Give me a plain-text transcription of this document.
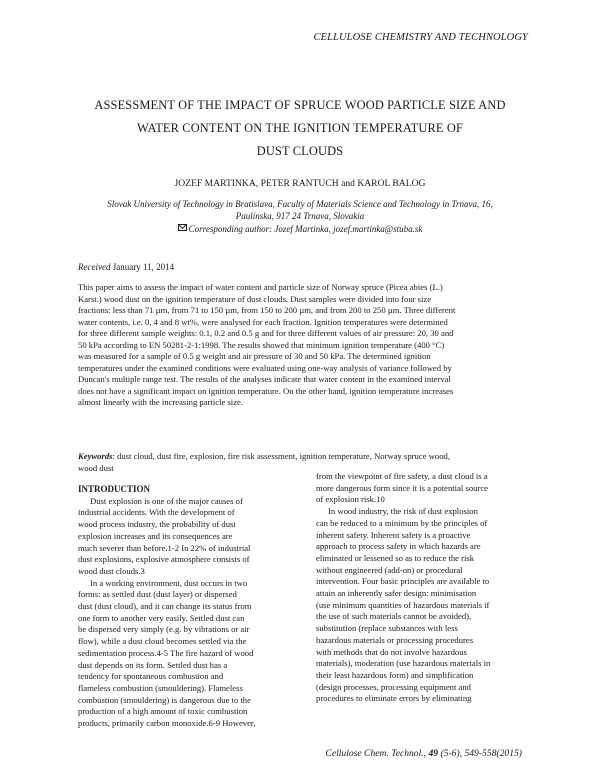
CELLULOSE CHEMISTRY AND TECHNOLOGY
ASSESSMENT OF THE IMPACT OF SPRUCE WOOD PARTICLE SIZE AND
WATER CONTENT ON THE IGNITION TEMPERATURE OF
DUST CLOUDS
JOZEF MARTINKA, PETER RANTUCH and KAROL BALOG
Slovak University of Technology in Bratislava, Faculty of Materials Science and Technology in Trnava, 16,
Paulínska, 917 24 Trnava, Slovakia
Corresponding author: Jozef Martinka, jozef.martinka@stuba.sk
Received January 11, 2014
This paper aims to assess the impact of water content and particle size of Norway spruce (Picea abies (L.)
Karst.) wood dust on the ignition temperature of dust clouds. Dust samples were divided into four size
fractions: less than 71 µm, from 71 to 150 µm, from 150 to 200 µm, and from 200 to 250 µm. Three different
water contents, i.e. 0, 4 and 8 wt%, were analysed for each fraction. Ignition temperatures were determined
for three different sample weights: 0.1, 0.2 and 0.5 g and for three different values of air pressure: 20, 30 and
50 kPa according to EN 50281-2-1:1998. The results showed that minimum ignition temperature (400 °C)
was measured for a sample of 0.5 g weight and air pressure of 30 and 50 kPa. The determined ignition
temperatures under the examined conditions were evaluated using one-way analysis of variance followed by
Duncan's multiple range test. The results of the analyses indicate that water content in the examined interval
does not have a significant impact on ignition temperature. On the other hand, ignition temperature increases
almost linearly with the increasing particle size.
Keywords: dust cloud, dust fire, explosion, fire risk assessment, ignition temperature, Norway spruce wood,
wood dust
INTRODUCTION
Dust explosion is one of the major causes of
industrial accidents. With the development of
wood process industry, the probability of dust
explosion increases and its consequences are
much severer than before.1-2 In 22% of industrial
dust explosions, explosive atmosphere consists of
wood dust clouds.3
In a working environment, dust occurs in two
forms: as settled dust (dust layer) or dispersed
dust (dust cloud), and it can change its status from
one form to another very easily. Settled dust can
be dispersed very simply (e.g. by vibrations or air
flow), while a dust cloud becomes settled via the
sedimentation process.4-5 The fire hazard of wood
dust depends on its form. Settled dust has a
tendency for spontaneous combustion and
flameless combustion (smouldering). Flameless
combustion (smouldering) is dangerous due to the
production of a high amount of toxic combustion
products, primarily carbon monoxide.6-9 However,
from the viewpoint of fire safety, a dust cloud is a
more dangerous form since it is a potential source
of explosion risk.10
In wood industry, the risk of dust explosion
can be reduced to a minimum by the principles of
inherent safety. Inherent safety is a proactive
approach to process safety in which hazards are
eliminated or lessened so as to reduce the risk
without engineered (add-on) or procedural
intervention. Four basic principles are available to
attain an inherently safer design: minimisation
(use minimum quantities of hazardous materials if
the use of such materials cannot be avoided),
substitution (replace substances with less
hazardous materials or processing procedures
with methods that do not involve hazardous
materials), moderation (use hazardous materials in
their least hazardous form) and simplification
(design processes, processing equipment and
procedures to eliminate errors by eliminating
Cellulose Chem. Technol., 49 (5-6), 549-558(2015)
